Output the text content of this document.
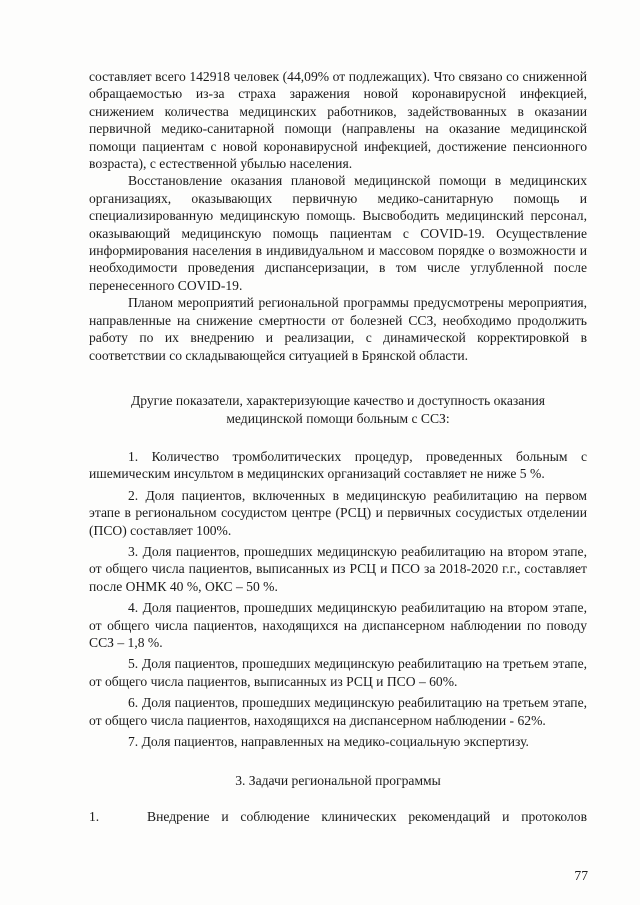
составляет всего 142918 человек (44,09% от подлежащих). Что связано со сниженной обращаемостью из-за страха заражения новой коронавирусной инфекцией, снижением количества медицинских работников, задействованных в оказании первичной медико-санитарной помощи (направлены на оказание медицинской помощи пациентам с новой коронавирусной инфекцией, достижение пенсионного возраста), с естественной убылью населения.

Восстановление оказания плановой медицинской помощи в медицинских организациях, оказывающих первичную медико-санитарную помощь и специализированную медицинскую помощь. Высвободить медицинский персонал, оказывающий медицинскую помощь пациентам с COVID-19. Осуществление информирования населения в индивидуальном и массовом порядке о возможности и необходимости проведения диспансеризации, в том числе углубленной после перенесенного COVID-19.

Планом мероприятий региональной программы предусмотрены мероприятия, направленные на снижение смертности от болезней ССЗ, необходимо продолжить работу по их внедрению и реализации, с динамической корректировкой в соответствии со складывающейся ситуацией в Брянской области.

Другие показатели, характеризующие качество и доступность оказания
медицинской помощи больным с ССЗ:

1. Количество тромболитических процедур, проведенных больным с ишемическим инсультом в медицинских организаций составляет не ниже 5 %.

2. Доля пациентов, включенных в медицинскую реабилитацию на первом этапе в региональном сосудистом центре (РСЦ) и первичных сосудистых отделении (ПСО) составляет 100%.

3. Доля пациентов, прошедших медицинскую реабилитацию на втором этапе, от общего числа пациентов, выписанных из РСЦ и ПСО за 2018-2020 г.г., составляет после ОНМК 40 %, ОКС – 50 %.

4. Доля пациентов, прошедших медицинскую реабилитацию на втором этапе, от общего числа пациентов, находящихся на диспансерном наблюдении по поводу ССЗ – 1,8 %.

5. Доля пациентов, прошедших медицинскую реабилитацию на третьем этапе, от общего числа пациентов, выписанных из РСЦ и ПСО – 60%.

6. Доля пациентов, прошедших медицинскую реабилитацию на третьем этапе, от общего числа пациентов, находящихся на диспансерном наблюдении - 62%.

7. Доля пациентов, направленных на медико-социальную экспертизу.

3. Задачи региональной программы
1.	Внедрение и соблюдение клинических рекомендаций и протоколов
77
